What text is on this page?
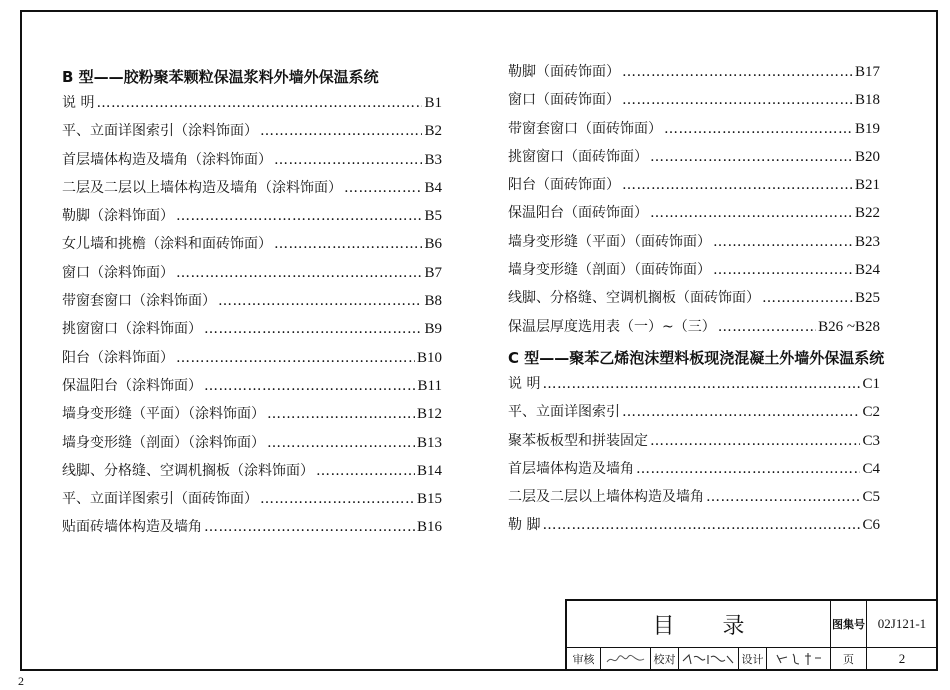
B 型——胶粉聚苯颗粒保温浆料外墙外保温系统
说 明 …………………………………………………………………………………………………………………………………………………	B1
平、立面详图索引（涂料饰面） …………………………………………………………………………………………………………………………………………………	B2
首层墙体构造及墙角（涂料饰面） …………………………………………………………………………………………………………………………………………………	B3
二层及二层以上墙体构造及墙角（涂料饰面） …………………………………………………………………………………………………………………………………………………	B4
勒脚（涂料饰面） …………………………………………………………………………………………………………………………………………………	B5
女儿墙和挑檐（涂料和面砖饰面） …………………………………………………………………………………………………………………………………………………	B6
窗口（涂料饰面） …………………………………………………………………………………………………………………………………………………	B7
带窗套窗口（涂料饰面） …………………………………………………………………………………………………………………………………………………	B8
挑窗窗口（涂料饰面） …………………………………………………………………………………………………………………………………………………	B9
阳台（涂料饰面） …………………………………………………………………………………………………………………………………………………	B10
保温阳台（涂料饰面） …………………………………………………………………………………………………………………………………………………	B11
墙身变形缝（平面）（涂料饰面） …………………………………………………………………………………………………………………………………………………	B12
墙身变形缝（剖面）（涂料饰面） …………………………………………………………………………………………………………………………………………………	B13
线脚、分格缝、空调机搁板（涂料饰面） …………………………………………………………………………………………………………………………………………………	B14
平、立面详图索引（面砖饰面） …………………………………………………………………………………………………………………………………………………	B15
贴面砖墙体构造及墙角 …………………………………………………………………………………………………………………………………………………	B16
勒脚（面砖饰面） …………………………………………………………………………………………………………………………………………………	B17
窗口（面砖饰面） …………………………………………………………………………………………………………………………………………………	B18
带窗套窗口（面砖饰面） …………………………………………………………………………………………………………………………………………………	B19
挑窗窗口（面砖饰面） …………………………………………………………………………………………………………………………………………………	B20
阳台（面砖饰面） …………………………………………………………………………………………………………………………………………………	B21
保温阳台（面砖饰面） …………………………………………………………………………………………………………………………………………………	B22
墙身变形缝（平面）（面砖饰面） …………………………………………………………………………………………………………………………………………………	B23
墙身变形缝（剖面）（面砖饰面） …………………………………………………………………………………………………………………………………………………	B24
线脚、分格缝、空调机搁板（面砖饰面） …………………………………………………………………………………………………………………………………………………	B25
保温层厚度选用表（一）~（三） …………………………………………………………………………………………………………………………………………………	B26 ~B28
C 型——聚苯乙烯泡沫塑料板现浇混凝土外墙外保温系统
说 明 …………………………………………………………………………………………………………………………………………………	C1
平、立面详图索引 …………………………………………………………………………………………………………………………………………………	C2
聚苯板板型和拼装固定 …………………………………………………………………………………………………………………………………………………	C3
首层墙体构造及墙角 …………………………………………………………………………………………………………………………………………………	C4
二层及二层以上墙体构造及墙角 …………………………………………………………………………………………………………………………………………………	C5
勒 脚 …………………………………………………………………………………………………………………………………………………	C6
目录	图集号 02J121-1
审核	校对	设计	页	2
2
